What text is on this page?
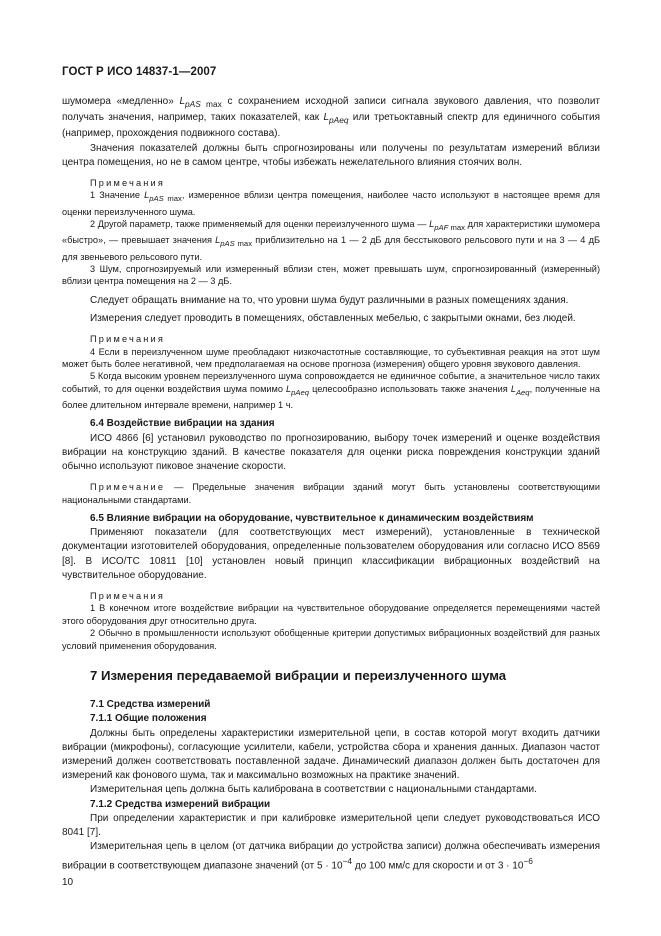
ГОСТ Р ИСО 14837-1—2007

шумомера «медленно» $L_{pAS max}$ с сохранением исходной записи сигнала звукового давления, что позволит получать значения, например, таких показателей, как $L_{pAeq}$ или третьоктавный спектр для единичного события (например, прохождения подвижного состава).

Значения показателей должны быть спрогнозированы или получены по результатам измерений вблизи центра помещения, но не в самом центре, чтобы избежать нежелательного влияния стоячих волн.

Примечания

1 Значение $L_{pAS max}$, измеренное вблизи центра помещения, наиболее часто используют в настоящее время для оценки переизлученного шума.

2 Другой параметр, также применяемый для оценки переизлученного шума — $L_{pAF max}$ для характеристики шумомера «быстро», — превышает значения $L_{pAS max}$ приблизительно на 1 — 2 дБ для бесстыкового рельсового пути и на 3 — 4 дБ для звеньевого рельсового пути.

3 Шум, спрогнозируемый или измеренный вблизи стен, может превышать шум, спрогнозированный (измеренный) вблизи центра помещения на 2 — 3 дБ.

Следует обращать внимание на то, что уровни шума будут различными в разных помещениях здания.

Измерения следует проводить в помещениях, обставленных мебелью, с закрытыми окнами, без людей.

Примечания

4 Если в переизлученном шуме преобладают низкочастотные составляющие, то субъективная реакция на этот шум может быть более негативной, чем предполагаемая на основе прогноза (измерения) общего уровня звукового давления.

5 Когда высоким уровнем переизлученного шума сопровождается не единичное событие, а значительное число таких событий, то для оценки воздействия шума помимо $L_{pAeq}$ целесообразно использовать также значения $L_{Aeq}$, полученные на более длительном интервале времени, например 1 ч.

6.4 Воздействие вибрации на здания

ИСО 4866 [6] установил руководство по прогнозированию, выбору точек измерений и оценке воздействия вибрации на конструкцию зданий. В качестве показателя для оценки риска повреждения конструкции зданий обычно используют пиковое значение скорости.

Примечание — Предельные значения вибрации зданий могут быть установлены соответствующими национальными стандартами.

6.5 Влияние вибрации на оборудование, чувствительное к динамическим воздействиям

Применяют показатели (для соответствующих мест измерений), установленные в технической документации изготовителей оборудования, определенные пользователем оборудования или согласно ИСО 8569 [8]. В ИСО/ТС 10811 [10] установлен новый принцип классификации вибрационных воздействий на чувствительное оборудование.

Примечания

1 В конечном итоге воздействие вибрации на чувствительное оборудование определяется перемещениями частей этого оборудования друг относительно друга.

2 Обычно в промышленности используют обобщенные критерии допустимых вибрационных воздействий для разных условий применения оборудования.

7 Измерения передаваемой вибрации и переизлученного шума

7.1 Средства измерений

7.1.1 Общие положения

Должны быть определены характеристики измерительной цепи, в состав которой могут входить датчики вибрации (микрофоны), согласующие усилители, кабели, устройства сбора и хранения данных. Диапазон частот измерений должен соответствовать поставленной задаче. Динамический диапазон должен быть достаточен для измерений как фонового шума, так и максимально возможных на практике значений.

Измерительная цепь должна быть калибрована в соответствии с национальными стандартами.

7.1.2 Средства измерений вибрации

При определении характеристик и при калибровке измерительной цепи следует руководствоваться ИСО 8041 [7].

Измерительная цепь в целом (от датчика вибрации до устройства записи) должна обеспечивать измерения вибрации в соответствующем диапазоне значений (от $5 \cdot 10^{-4}$ до 100 мм/с для скорости и от $3 \cdot 10^{-6}$

10
